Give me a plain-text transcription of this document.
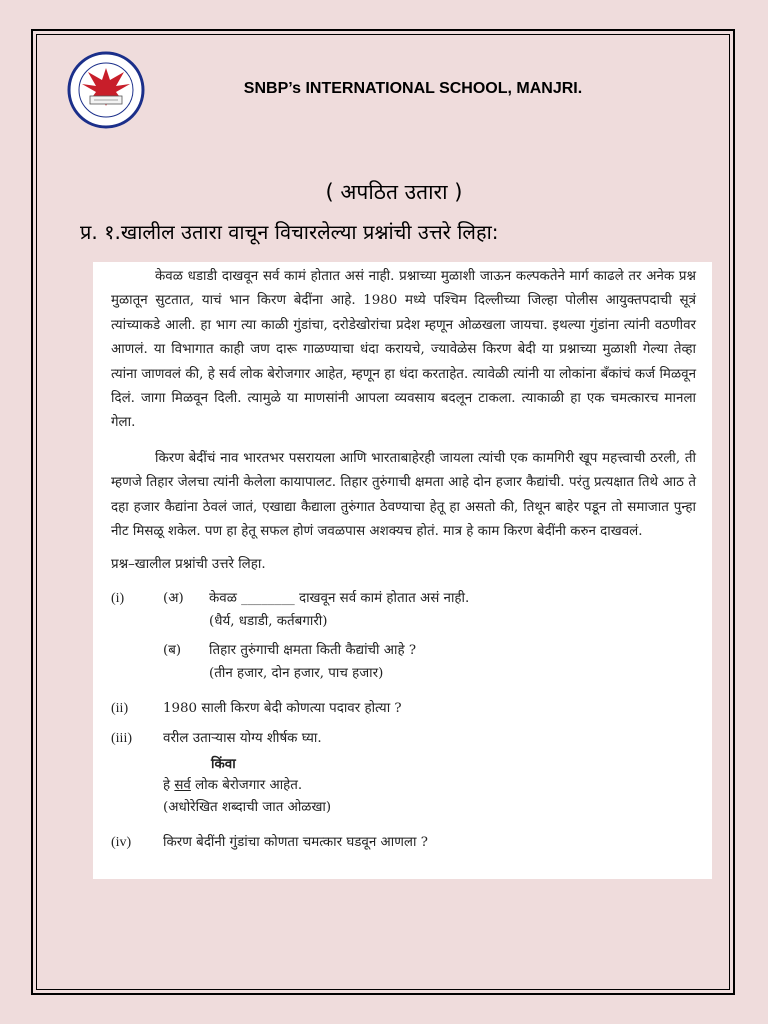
SNBP’s INTERNATIONAL SCHOOL, MANJRI.
( अपठित उतारा )
प्र. १.खालील उतारा वाचून विचारलेल्या प्रश्नांची उत्तरे लिहा:
केवळ धडाडी दाखवून सर्व कामं होतात असं नाही. प्रश्नाच्या मुळाशी जाऊन कल्पकतेने मार्ग काढले तर अनेक प्रश्न मुळातून सुटतात, याचं भान किरण बेदींना आहे. 1980 मध्ये पश्चिम दिल्लीच्या जिल्हा पोलीस आयुक्तपदाची सूत्रं त्यांच्याकडे आली. हा भाग त्या काळी गुंडांचा, दरोडेखोरांचा प्रदेश म्हणून ओळखला जायचा. इथल्या गुंडांना त्यांनी वठणीवर आणलं. या विभागात काही जण दारू गाळण्याचा धंदा करायचे, ज्यावेळेस किरण बेदी या प्रश्नाच्या मुळाशी गेल्या तेव्हा त्यांना जाणवलं की, हे सर्व लोक बेरोजगार आहेत, म्हणून हा धंदा करताहेत. त्यावेळी त्यांनी या लोकांना बँकांचं कर्ज मिळवून दिलं. जागा मिळवून दिली. त्यामुळे या माणसांनी आपला व्यवसाय बदलून टाकला. त्याकाळी हा एक चमत्कारच मानला गेला.
किरण बेदींचं नाव भारतभर पसरायला आणि भारताबाहेरही जायला त्यांची एक कामगिरी खूप महत्त्वाची ठरली, ती म्हणजे तिहार जेलचा त्यांनी केलेला कायापालट. तिहार तुरुंगाची क्षमता आहे दोन हजार कैद्यांची. परंतु प्रत्यक्षात तिथे आठ ते दहा हजार कैद्यांना ठेवलं जातं, एखाद्या कैद्याला तुरुंगात ठेवण्याचा हेतू हा असतो की, तिथून बाहेर पडून तो समाजात पुन्हा नीट मिसळू शकेल. पण हा हेतू सफल होणं जवळपास अशक्यच होतं. मात्र हे काम किरण बेदींनी करुन दाखवलं.
प्रश्न–खालील प्रश्नांची उत्तरे लिहा.
(i)	(अ)	केवळ ________ दाखवून सर्व कामं होतात असं नाही.
(धैर्य, धडाडी, कर्तबगारी)
(ब)	तिहार तुरुंगाची क्षमता किती कैद्यांची आहे ?
(तीन हजार, दोन हजार, पाच हजार)
(ii)	1980 साली किरण बेदी कोणत्या पदावर होत्या ?
(iii)	वरील उताऱ्यास योग्य शीर्षक घ्या.
किंवा
हे सर्व लोक बेरोजगार आहेत.
(अधोरेखित शब्दाची जात ओळखा)
(iv)	किरण बेदींनी गुंडांचा कोणता चमत्कार घडवून आणला ?
